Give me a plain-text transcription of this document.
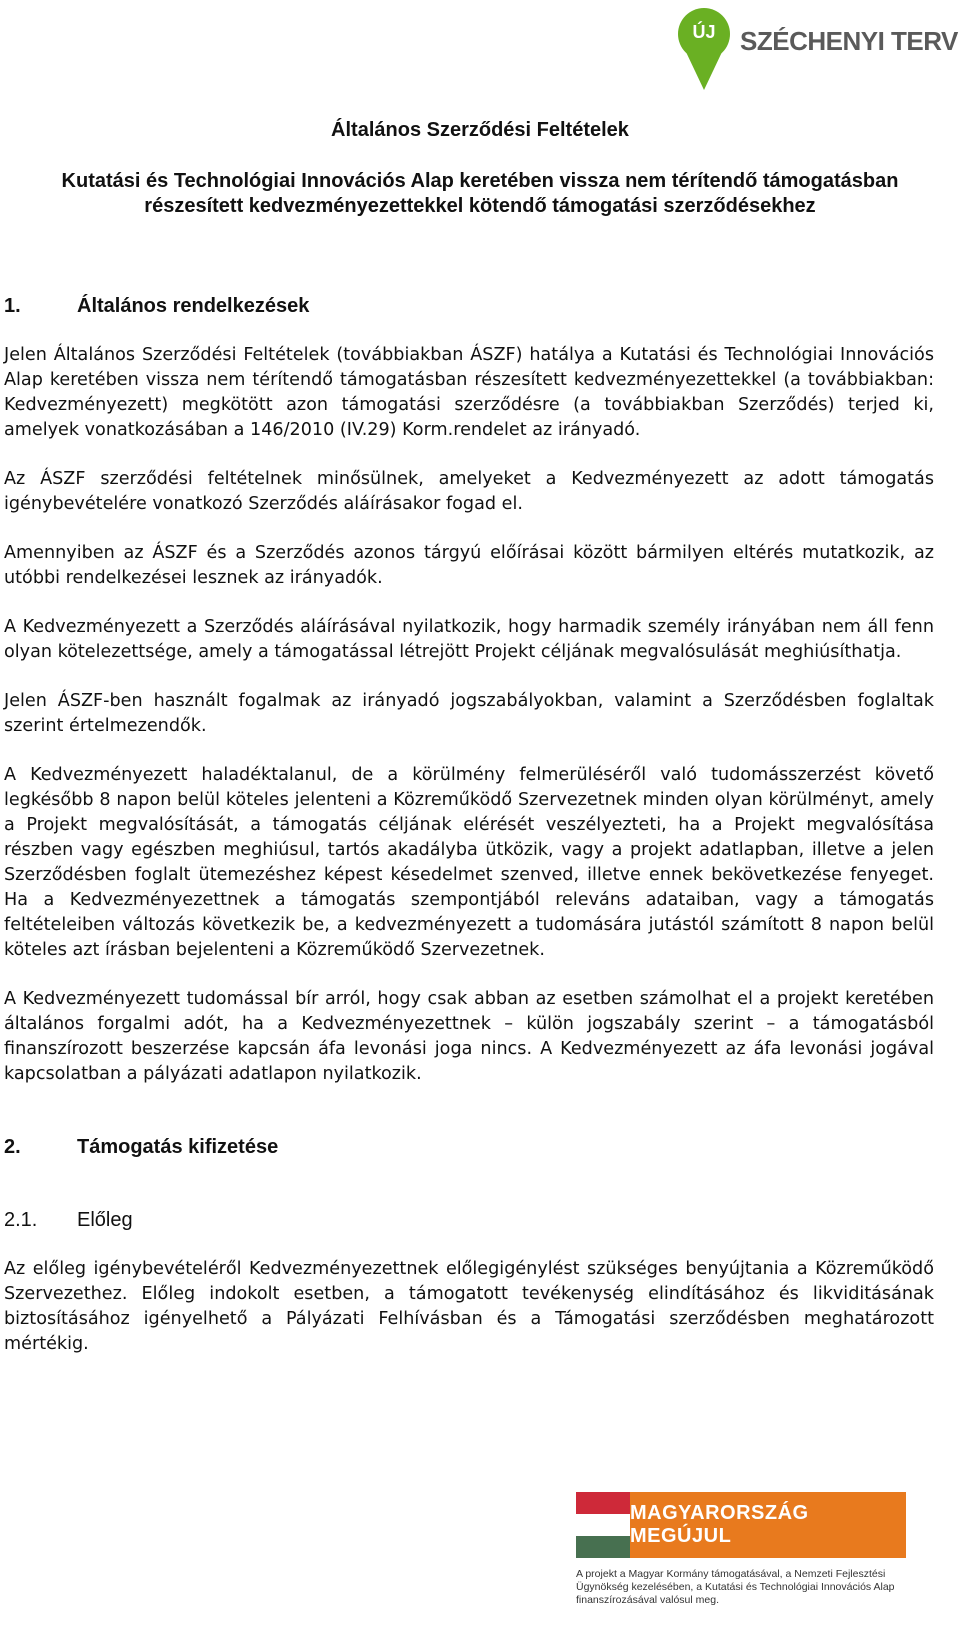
ÚJ SZÉCHENYI TERV
Általános Szerződési Feltételek
Kutatási és Technológiai Innovációs Alap keretében vissza nem térítendő támogatásban részesített kedvezményezettekkel kötendő támogatási szerződésekhez
1.	Általános rendelkezések

Jelen Általános Szerződési Feltételek (továbbiakban ÁSZF) hatálya a Kutatási és Technológiai Innovációs Alap keretében vissza nem térítendő támogatásban részesített kedvezményezettekkel (a továbbiakban: Kedvezményezett) megkötött azon támogatási szerződésre (a továbbiakban Szerződés) terjed ki, amelyek vonatkozásában a 146/2010 (IV.29) Korm.rendelet az irányadó.

Az ÁSZF szerződési feltételnek minősülnek, amelyeket a Kedvezményezett az adott támogatás igénybevételére vonatkozó Szerződés aláírásakor fogad el.

Amennyiben az ÁSZF és a Szerződés azonos tárgyú előírásai között bármilyen eltérés mutatkozik, az utóbbi rendelkezései lesznek az irányadók.

A Kedvezményezett a Szerződés aláírásával nyilatkozik, hogy harmadik személy irányában nem áll fenn olyan kötelezettsége, amely a támogatással létrejött Projekt céljának megvalósulását meghiúsíthatja.

Jelen ÁSZF-ben használt fogalmak az irányadó jogszabályokban, valamint a Szerződésben foglaltak szerint értelmezendők.

A Kedvezményezett haladéktalanul, de a körülmény felmerüléséről való tudomásszerzést követő legkésőbb 8 napon belül köteles jelenteni a Közreműködő Szervezetnek minden olyan körülményt, amely a Projekt megvalósítását, a támogatás céljának elérését veszélyezteti, ha a Projekt megvalósítása részben vagy egészben meghiúsul, tartós akadályba ütközik, vagy a projekt adatlapban, illetve a jelen Szerződésben foglalt ütemezéshez képest késedelmet szenved, illetve ennek bekövetkezése fenyeget. Ha a Kedvezményezettnek a támogatás szempontjából releváns adataiban, vagy a támogatás feltételeiben változás következik be, a kedvezményezett a tudomására jutástól számított 8 napon belül köteles azt írásban bejelenteni a Közreműködő Szervezetnek.

A Kedvezményezett tudomással bír arról, hogy csak abban az esetben számolhat el a projekt keretében általános forgalmi adót, ha a Kedvezményezettnek – külön jogszabály szerint – a támogatásból finanszírozott beszerzése kapcsán áfa levonási joga nincs. A Kedvezményezett az áfa levonási jogával kapcsolatban a pályázati adatlapon nyilatkozik.

2.	Támogatás kifizetése
2.1. Előleg

Az előleg igénybevételéről Kedvezményezettnek előlegigénylést szükséges benyújtania a Közreműködő Szervezethez. Előleg indokolt esetben, a támogatott tevékenység elindításához és likviditásának biztosításához igényelhető a Pályázati Felhívásban és a Támogatási szerződésben meghatározott mértékig.

MAGYARORSZÁG MEGÚJUL
A projekt a Magyar Kormány támogatásával, a Nemzeti Fejlesztési Ügynökség kezelésében, a Kutatási és Technológiai Innovációs Alap finanszírozásával valósul meg.
